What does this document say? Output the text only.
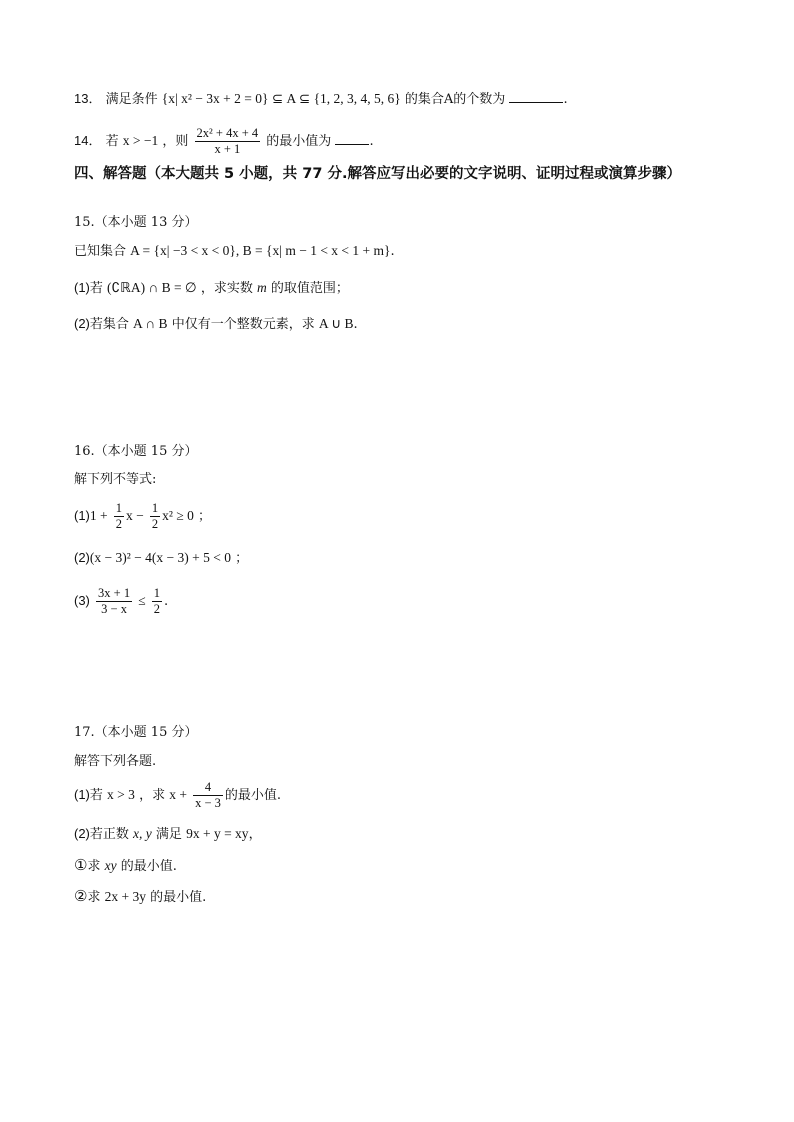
13． 满足条件 {x| x² − 3x + 2 = 0} ⊆ A ⊆ {1, 2, 3, 4, 5, 6} 的集合A的个数为	.
14． 若 x > −1 ，则 $\frac{\text{2x² + 4x + 4}}{x + 1}$ 的最小值为	.
四、解答题（本大题共 5 小题，共 77 分.解答应写出必要的文字说明、证明过程或演算步骤）
15.（本小题 13 分）
已知集合 A = {x| −3 < x < 0}, B = {x| m − 1 < x < 1 + m}.
(1)若 (∁ℝA) ∩ B = ∅ ，求实数 m 的取值范围；
(2)若集合 A ∩ B 中仅有一个整数元素，求 A ∪ B.
16.（本小题 15 分）
解下列不等式:
$(1)1 + \frac{1}{2}$ $x - \frac{1}{2} x^2 \ge 0$ ；
(2)(x − 3)² − 4(x − 3) + 5 < 0 ；
$(3) \frac{3x + 1}{3 - x} \le \frac{1}{2}$ .
17.（本小题 15 分）
解答下列各题.
(1)若 x > 3 ，求 $x + \frac{4}{x - 3}$ 的最小值.
(2)若正数 x, y 满足 9x + y = xy，
①求 xy 的最小值.
②求 2x + 3y 的最小值.
